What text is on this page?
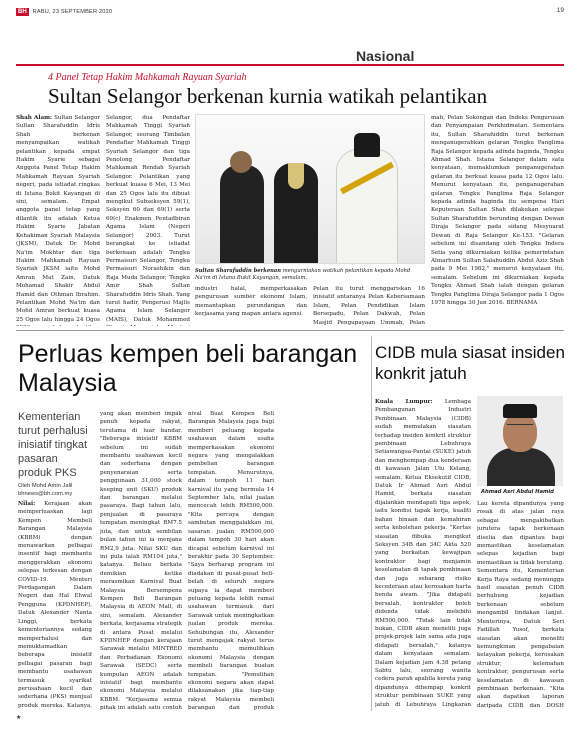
BH	RABU, 23 SEPTEMBER 2020	19
Nasional
4 Panel Tetap Hakim Mahkamah Rayuan Syariah
Sultan Selangor berkenan kurnia watikah pelantikan
Shah Alam: Sultan Selangor Sultan Sharafuddin Idris Shah berkenan menyampaikan watikah pelantikan kepada empat Hakim Syarie sebagai Anggota Panel Tetap Hakim Mahkamah Rayuan Syariah negeri, pada istiadat ringkas di Istana Bukit Kayangan di sini, semalam. Empat anggota panel tetap yang dilantik itu adalah Ketua Hakim Syarie Jabatan Kehakiman Syariah Malaysia (JKSM), Datuk Dr Mohd Na'im Mokhtar dan tiga Hakim Mahkamah Rayuan Syariah JKSM iaitu Mohd Amran Mat Zain, Datuk Mohamad Shakir Abdul Hamid dan Othman Ibrahim. Pelantikan Mohd Na'im dan Mohd Amran berkuat kuasa 25 Ogos lalu hingga 24 Ogos
Selangor, dua Pendaftar Mahkamah Tinggi Syariah Selangor, seorang Timbalan Pendaftar Mahkamah Tinggi Syariah Selangor dan tiga Penolong Pendaftar Mahkamah Rendah Syariah Selangor. Pelantikan yang berkuat kuasa 6 Mei, 13 Mei dan 25 Ogos lalu itu dibuat mengikut Subseksyen 59(1), Seksyen 60 dan 69(1) serta 69(c) Enakmen Pentadbiran Agama Islam (Negeri Selangor) 2003. Turut berangkat ke istiadat berkenaan adalah Tengku Permaisuri Selangor, Tengku Permaisuri Norashikin dan Raja Muda Selangor, Tengku Amir Shah Sultan Sharafuddin Idris Shah. Yang turut hadir, Pengerusi Majlis Agama Islam Selangor (MAIS), Datuk Mohammed
Sultan Sharafuddin berkenan mengurniakan watikah pelantikan kepada Mohd Na'im di Istana Bukit Kayangan, semalam.
industri halal, memperkasakan pengurusan sumber ekonomi Islam, memantapkan perundangan dan kerjasama yang mapan antara agensi.
Pelan itu turut menggariskan 16 inisiatif antaranya Pelan Kebersamaan Islam, Pelan Pendidikan Islam Bersepadu, Pelan Dakwah, Pelan Masjid Pengupayaan Ummah, Pelan
mah, Pelan Sokongan dan Indeks Pengurusan dan Penyampaian Perkhidmatan. Sementara itu, Sultan Sharafuddin turut berkenan menganugerahkan gelaran Tengku Panglima Raja Selangor kepada adinda baginda, Tengku Ahmad Shah. Istana Selangor dalam satu kenyataan, memaklumkan penganugerahan gelaran itu berkuat kuasa pada 12 Ogos lalu. Menurut kenyataan itu, penganugerahan gelaran Tengku Panglima Raja Selangor kepada adinda baginda itu sempena Hari Keputeraan Sultan Shah dilakukan selepas Sultan Sharafuddin berunding dengan Dewan Diraja Selangor pada sidang Mesyuarat Dewan di Raja Selangor Ke-153. "Gelaran sebelum ini disandang oleh Tengku Indera Setia yang dikurniakan kelika pemerintahan Almarhum Sultan Salahuddin Abdul Aziz Shah pada 9 Mei 1982," menurut kenyataan itu, semalam. Sebelum ini dikurniakan kepada Tengku Ahmad Shah ialah dengan gelaran Tengku Panglima Diraja Selangor pada 1 Ogos 1978 hingga 30 Jun 2016. BERNAMA
Perluas kempen beli barangan Malaysia
Kementerian turut perhalusi inisiatif tingkat pasaran produk PKS
Oleh Mohd Amin Jalil
bhnews@bh.com.my
Nilai: Kerajaan akan memperluaskan lagi Kempen Membeli Barangan Malaysia (KBBM) dengan menawarkan pelbagai insentif bagi membantu menggerakkan ekonomi selepas terkesan dengan COVID-19. Menteri Perdagangan Dalam Negeri dan Hal Ehwal Pengguna (KPDNHEP), Datuk Alexander Nanta Linggi, berkata kementeriannya sedang memperhalusi dan memuktamadkan beberapa inisiatif pelbagai pasaran bagi membantu usahawan termasuk syarikat perusahaan kecil dan sederhana (PKS) menjual produk mereka. Katanya,
yang akan memberi impak penuh kepada rakyat, terutama di luar bandar. "Beberapa inisiatif KBBM sebelum ini sudah membantu usahawan kecil dan sederhana dengan penyenaraian serta penggunaan 31,000 stock keeping unit (SKU) produk dan barangan melalui pasaraya. Bagi tahun lalu, penjualan di pasaraya tempatan meningkat RM7.5 juta, dan untuk sembilan bulan tahun ini ia menjana RM2,9 juta. Nilai SKU dan ini pula ialah RM104 juta," katanya. Beliau berkata demikian ketika merasmikan Karnival Buat Malaysia Bersempena Kempen Beli Barangan Malaysia di AEON Mall, di sini, semalam. Alexander berkata, kerjasama strategik di antara Pusat melalui KPDNHEP dengan kerajaan Sarawak melalui MINTRED dan Perbadanan Ekonomi Sarawak (SEDC) serta kumpulan AEON adalah inisiatif bagi membantu ekonomi Malaysia melalui KBBM. "Kerjasama semua pihak ini adalah satu contoh
nival Buat Kempen Beli Barangan Malaysia juga bagi memberi peluang kepada usahawan dalam usaha memperkasakan ekonomi negara yang mengalakkan pembelian barangan tempatan. Menurutnya, dalam tempoh 11 hari karnival itu yang bermula 14 September lalu, nilai jualan mencecah lebih RM500,000. "Kita percaya dengan sambutan menggalakkan ini, sasaran jualan RM500,000 dalam tempoh 30 hari akan dicapai sebelum karnival ini berakhir pada 30 September. "Saya berharap program ini diadakan di pusat-pusat beli-belah di seluruh negara supaya ia dapat memberi peluang kepada lebih ramai usahawan termasuk dari Sarawak untuk meningkatkan jualan produk mereka. Sehubungan itu, Alexander turut mengajak rakyat terus membantu memulihkan ekonomi Malaysia dengan membeli barangan buatan tempatan. "Pemulihan ekonomi negara akan dapat dilaksanakan jika tiap-tiap rakyat Malaysia membeli barangan dan produk
CIDB mula siasat insiden konkrit jatuh
Kuala Lumpur: Lembaga Pembangunan Industri Pembinaan Malaysia (CIDB) sudah memulakan siasatan terhadap insiden konkrit struktur pembinaan Lebuhraya Setiawangsa-Pantai (SUKE) jatuh dan menghempap dua kenderaan di kawasan Jalan Ulu Kelang, semalam. Ketua Eksekutif CIDB, Datuk Ir Ahmad Asri Abdul Hamid, berkata siasatan dijalankan mendapati tiga aspek, iaitu kondisi tapak kerja, kualiti bahan binaan dan kemahiran serta kebolehan pekerja. "Kertas siasatan dibuka mengikut Seksyen 34B dan 34C Akta 520 yang berkaitan kewajipan kontraktor bagi menjamin keselamatan di tapak pembinaan dan juga sebarang risiko kecederaan atau kerosakan harta benda awam. "Jika didapati bersalah, kontraktor boleh didenda tidak melebihi RM500,000. "Tidak lain tidak bukan, CIDB akan meneliti juga projek-projek lain sama ada juga didapati bersalah," katanya dalam kenyataan semalam. Dalam kejadian jam 4.38 petang Sabtu lalu, seorang wanita cedera parah apabila kereta yang dipandunya dihempap konkrit struktur pembinaan SUKE yang jatuh di Lebuhraya Lingkaran
Ahmad Asri Abdul Hamid
Lau kereta dipandunya yang rosak di atas jalan raya sebagai mengakibatkan jurutera tapak berkenaan diselia dan dipantau bagi memastikan keselamatan selepas kejadian bagi memastikan ia tidak berulang. Sementara itu, Kementerian Kerja Raya sedang menunggu hasil siasatan penuh CIDB berhubung kejadian berkenaan sebelum mengambil tindakan lanjut. Menterinya, Datuk Seri Fadillah Yusof, berkata siasatan akan meneliti kemungkinan pengabaian kelayakan pekerja, kerosakan struktur, kelemahan kontraktor, pengurusan serta keselamatan di kawasan pembinaan berkenaan. "Kita akan dapatkan laporan daripada CIDB dan DOSH
★
